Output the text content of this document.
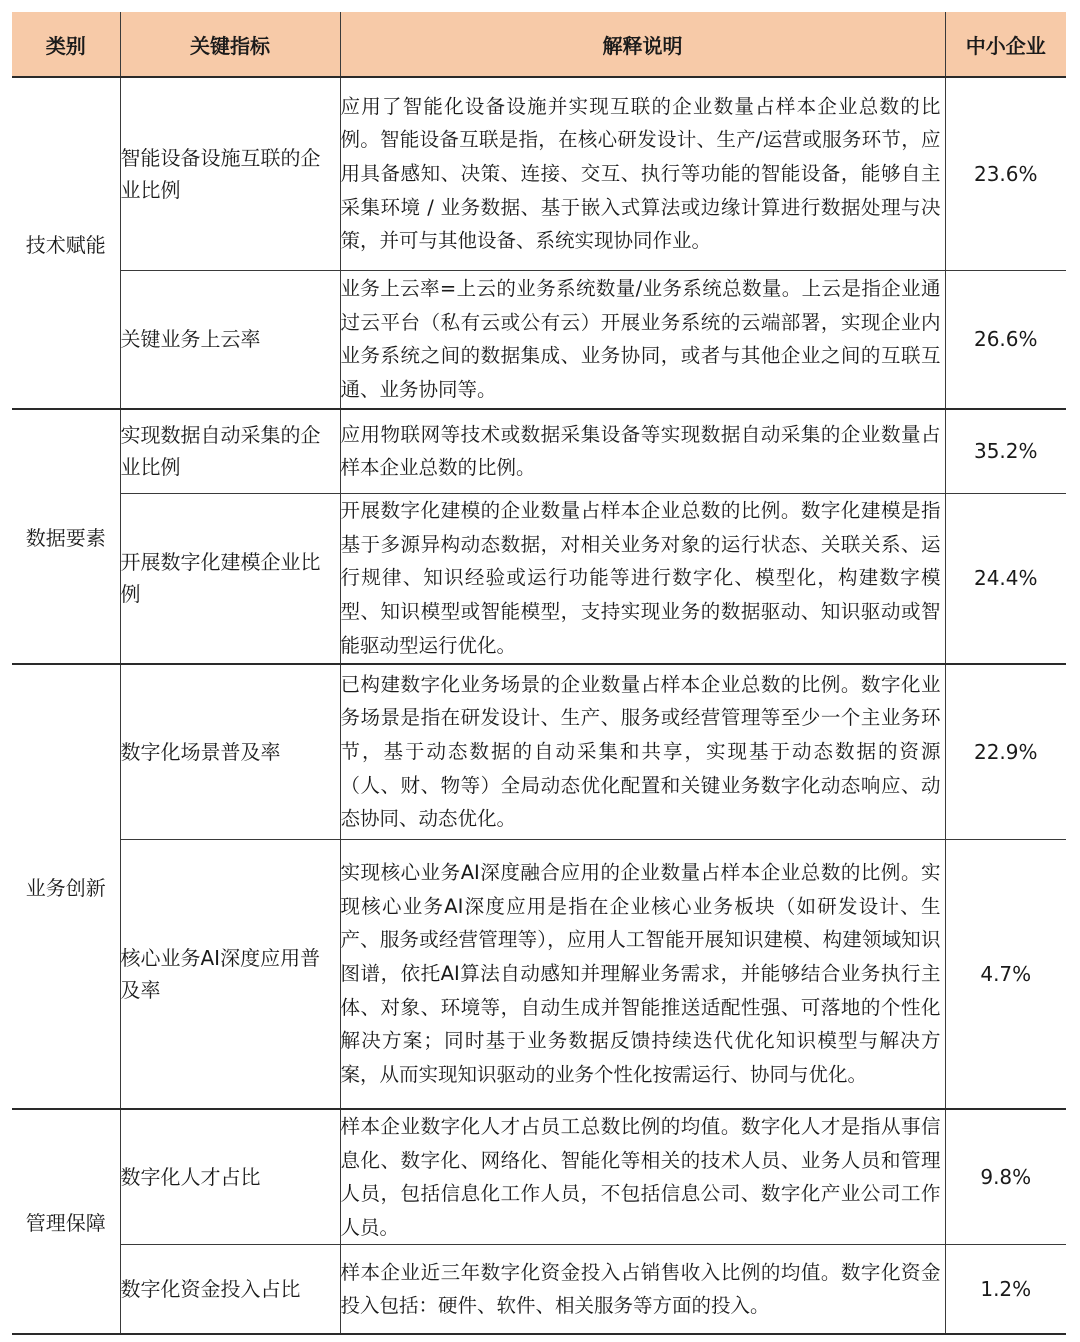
类别	关键指标	解释说明	中小企业
技术赋能	智能设备设施互联的企业比例	应用了智能化设备设施并实现互联的企业数量占样本企业总数的比例。智能设备互联是指，在核心研发设计、生产/运营或服务环节，应用具备感知、决策、连接、交互、执行等功能的智能设备，能够自主采集环境 / 业务数据、基于嵌入式算法或边缘计算进行数据处理与决策，并可与其他设备、系统实现协同作业。	23.6%
	关键业务上云率	业务上云率=上云的业务系统数量/业务系统总数量。上云是指企业通过云平台（私有云或公有云）开展业务系统的云端部署，实现企业内业务系统之间的数据集成、业务协同，或者与其他企业之间的互联互通、业务协同等。	26.6%
数据要素	实现数据自动采集的企业比例	应用物联网等技术或数据采集设备等实现数据自动采集的企业数量占样本企业总数的比例。	35.2%
	开展数字化建模企业比例	开展数字化建模的企业数量占样本企业总数的比例。数字化建模是指基于多源异构动态数据，对相关业务对象的运行状态、关联关系、运行规律、知识经验或运行功能等进行数字化、模型化，构建数字模型、知识模型或智能模型，支持实现业务的数据驱动、知识驱动或智能驱动型运行优化。	24.4%
业务创新	数字化场景普及率	已构建数字化业务场景的企业数量占样本企业总数的比例。数字化业务场景是指在研发设计、生产、服务或经营管理等至少一个主业务环节，基于动态数据的自动采集和共享，实现基于动态数据的资源（人、财、物等）全局动态优化配置和关键业务数字化动态响应、动态协同、动态优化。	22.9%
	核心业务AI深度应用普及率	实现核心业务AI深度融合应用的企业数量占样本企业总数的比例。实现核心业务AI深度应用是指在企业核心业务板块（如研发设计、生产、服务或经营管理等），应用人工智能开展知识建模、构建领域知识图谱，依托AI算法自动感知并理解业务需求，并能够结合业务执行主体、对象、环境等，自动生成并智能推送适配性强、可落地的个性化解决方案；同时基于业务数据反馈持续迭代优化知识模型与解决方案，从而实现知识驱动的业务个性化按需运行、协同与优化。	4.7%
管理保障	数字化人才占比	样本企业数字化人才占员工总数比例的均值。数字化人才是指从事信息化、数字化、网络化、智能化等相关的技术人员、业务人员和管理人员，包括信息化工作人员，不包括信息公司、数字化产业公司工作人员。	9.8%
	数字化资金投入占比	样本企业近三年数字化资金投入占销售收入比例的均值。数字化资金投入包括：硬件、软件、相关服务等方面的投入。	1.2%
